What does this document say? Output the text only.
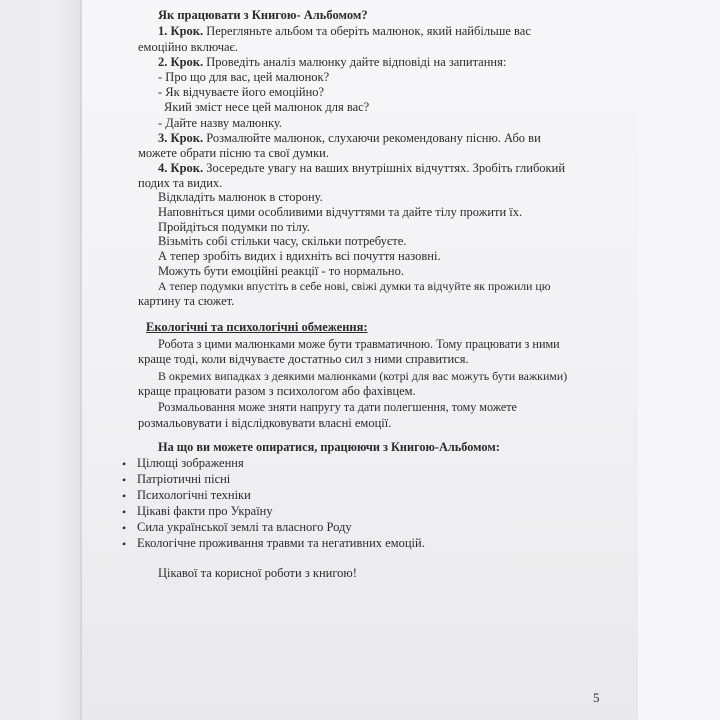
Як працювати з Книгою- Альбомом?
1. Крок. Перегляньте альбом та оберіть малюнок, який найбільше вас
емоційно включає.
2. Крок. Проведіть аналіз малюнку дайте відповіді на запитання:
- Про що для вас, цей малюнок?
- Як відчуваєте його емоційно?
Який зміст несе цей малюнок для вас?
- Дайте назву малюнку.
3. Крок. Розмалюйте малюнок, слухаючи рекомендовану пісню. Або ви
можете обрати пісню та свої думки.
4. Крок. Зосередьте увагу на ваших внутрішніх відчуттях. Зробіть глибокий
подих та видих.
Відкладіть малюнок в сторону.
Наповніться цими особливими відчуттями та дайте тілу прожити їх.
Пройдіться подумки по тілу.
Візьміть собі стільки часу, скільки потребуєте.
А тепер зробіть видих і вдихніть всі почуття назовні.
Можуть бути емоційні реакції - то нормально.
А тепер подумки впустіть в себе нові, свіжі думки та відчуйте як прожили цю
картину та сюжет.
Екологічні та психологічні обмеження:
Робота з цими малюнками може бути травматичною. Тому працювати з ними
краще тоді, коли відчуваєте достатньо сил з ними справитися.
В окремих випадках з деякими малюнками (котрі для вас можуть бути важкими)
краще працювати разом з психологом або фахівцем.
Розмальовання може зняти напругу та дати полегшення, тому можете
розмальовувати і відслідковувати власні емоції.
На що ви можете опиратися, працюючи з Книгою-Альбомом:
• Цілющі зображення
• Патріотичні пісні
• Психологічні техніки
• Цікаві факти про Україну
• Сила української землі та власного Роду
• Екологічне проживання травми та негативних емоцій.
Цікавої та корисної роботи з книгою!
5
